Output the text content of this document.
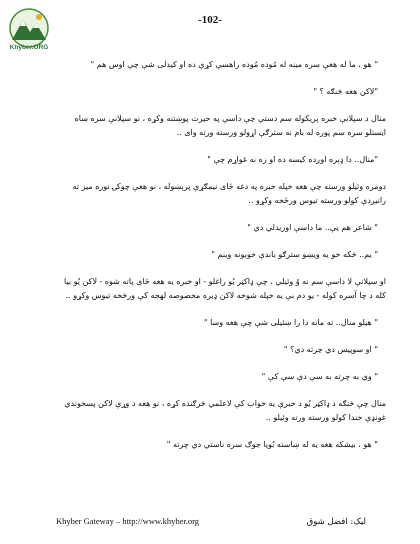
Khyber.ORG
-102-

" هو ، ما له هغې سره مینه له مُوده مُوده راهسې کړې ده او کیدلی شې چې اوس هم "

"لاکن هغه څنګه ؟ "

منال د سپلانې خبره پریکوله سم دستې چې داسې په حیرت پوښتنه وکړه ، نو سپلانې سره ساه ایستلو سره سم پوره له بام نه سترګې اړولو ورسته ورته وای ..

"منال.. دا ډېره اوږده کیسه ده او زه نه غواړم چې "

دومره وئیلو ورسته چې هغه خپله خبره په دغه ځای نیمګړې پرېښوله ، نو هغې چوکۍ نوره میز ته رانیږدې کولو ورسته تیوس ورځخه وکړو ..

" شاعر هم یې.. ما داسې اوریدلي دي "

" یم.. څکه خو یه ویښو سترګو باندې خوبونه وینم "

او سپلانې لا داسې سم نه وُ وئیلي ، چې ډاکټر یُو راغلو - او خبره یه هغه ځای پاته شوه - لاکن یُو بیا کله د چا آسره کوله - یو دم بې یه خپله شوخه لاکن ډیره مخصوصه لهجه کې ورڅخه تیوس وکړو ..

" هیلو منال.. ته مانه دا را ښئیلی شې چې هغه وسا "

" او سوپیس دي چرته دي؟ "

" وي به چرته به سې دې سې کې "

منال چې څنګه د ډاکټر یُو د خبرې یه خواب کې لاعلمي څرګنده کړه ، نو هغه د وړې لاکن پسخوندي غونډې خندا کولو ورسته ورته وئیلو ..

" هو ، بیشکه هغه یه له ښاسته بُویا جوګ سره ناستي دي چرته "

Khyber Gateway – http://www.khyber.org	لیک: افضل شوق
